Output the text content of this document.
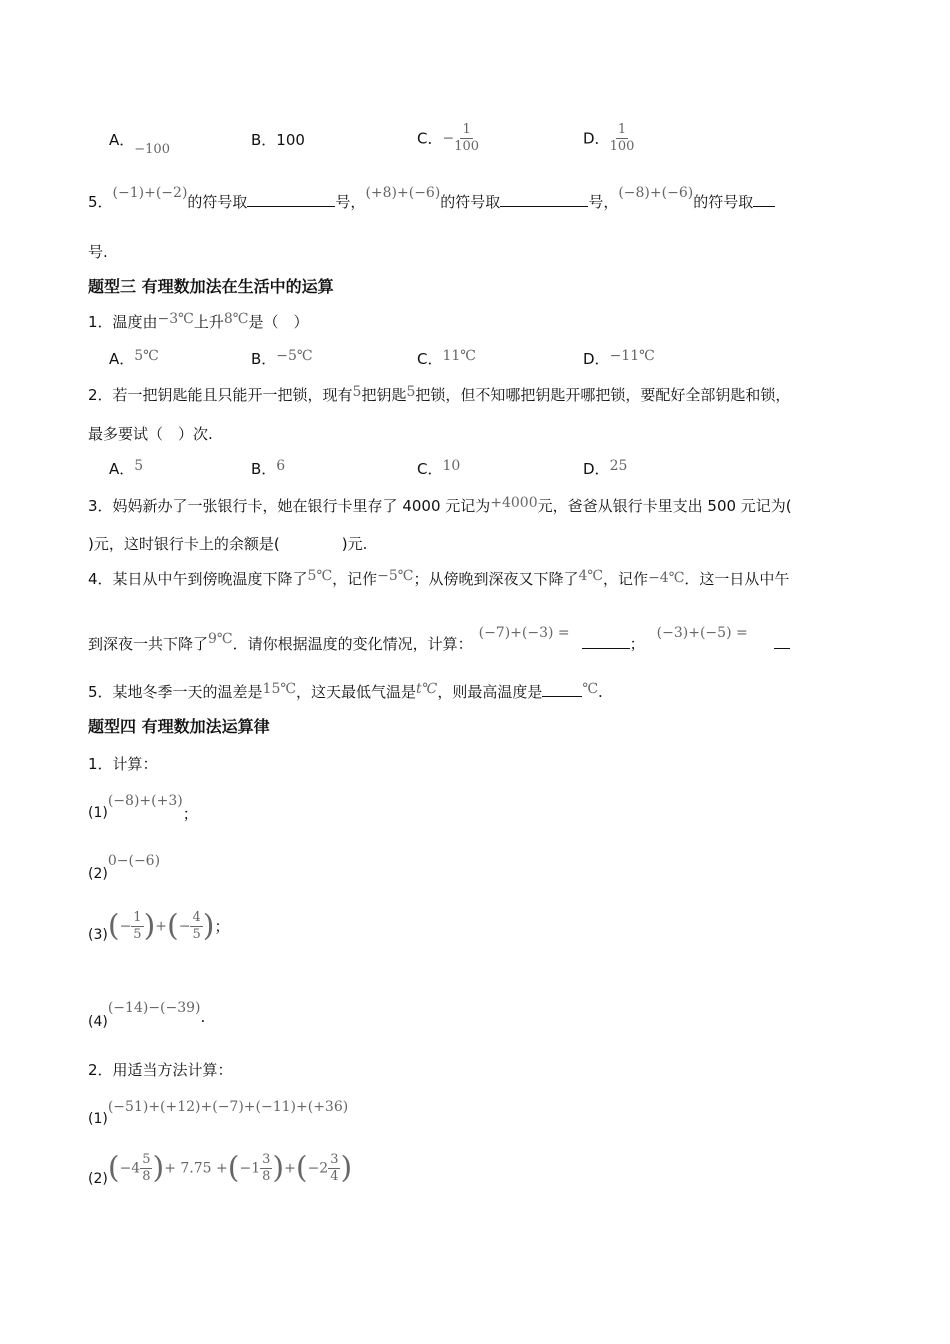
A．−100
B．100	C．− $\frac{1}{100}$	D． $\frac{1}{100}$
5．(−1)+(−2)的符号取	号，(+8)+(−6)的符号取	号，(−8)+(−6)的符号取
号.
题型三 有理数加法在生活中的运算
1．温度由−3℃上升8℃是（　）
A．5℃	B．−5℃	C．11℃	D．−11℃
2．若一把钥匙能且只能开一把锁，现有5把钥匙5把锁，但不知哪把钥匙开哪把锁，要配好全部钥匙和锁，
最多要试（　）次.
A．5	B．6	C．10	D．25
3．妈妈新办了一张银行卡，她在银行卡里存了 4000 元记为+4000元，爸爸从银行卡里支出 500 元记为(
)元，这时银行卡上的余额是(	)元.
4．某日从中午到傍晚温度下降了5℃，记作−5℃；从傍晚到深夜又下降了4℃，记作−4℃．这一日从中午
到深夜一共下降了9℃．请你根据温度的变化情况，计算：(−7)+(−3) =；(−3)+(−5) =
5．某地冬季一天的温差是15℃，这天最低气温是t℃，则最高温度是	℃.
题型四 有理数加法运算律
1．计算：
(1)(−8)+(+3)；
(2)0−(−6)
$(3)(- \frac{1}{5}$ )+(− $\frac{4}{5}$ )；
(4)(−14)−(−39).
2．用适当方法计算：
(1)(−51)+(+12)+(−7)+(−11)+(+36)
$(2)(-4 \frac{5}{8}$ )+ $7.75 +(-1 \frac{3}{8} )+(-2 \frac{3}{4}$ )
